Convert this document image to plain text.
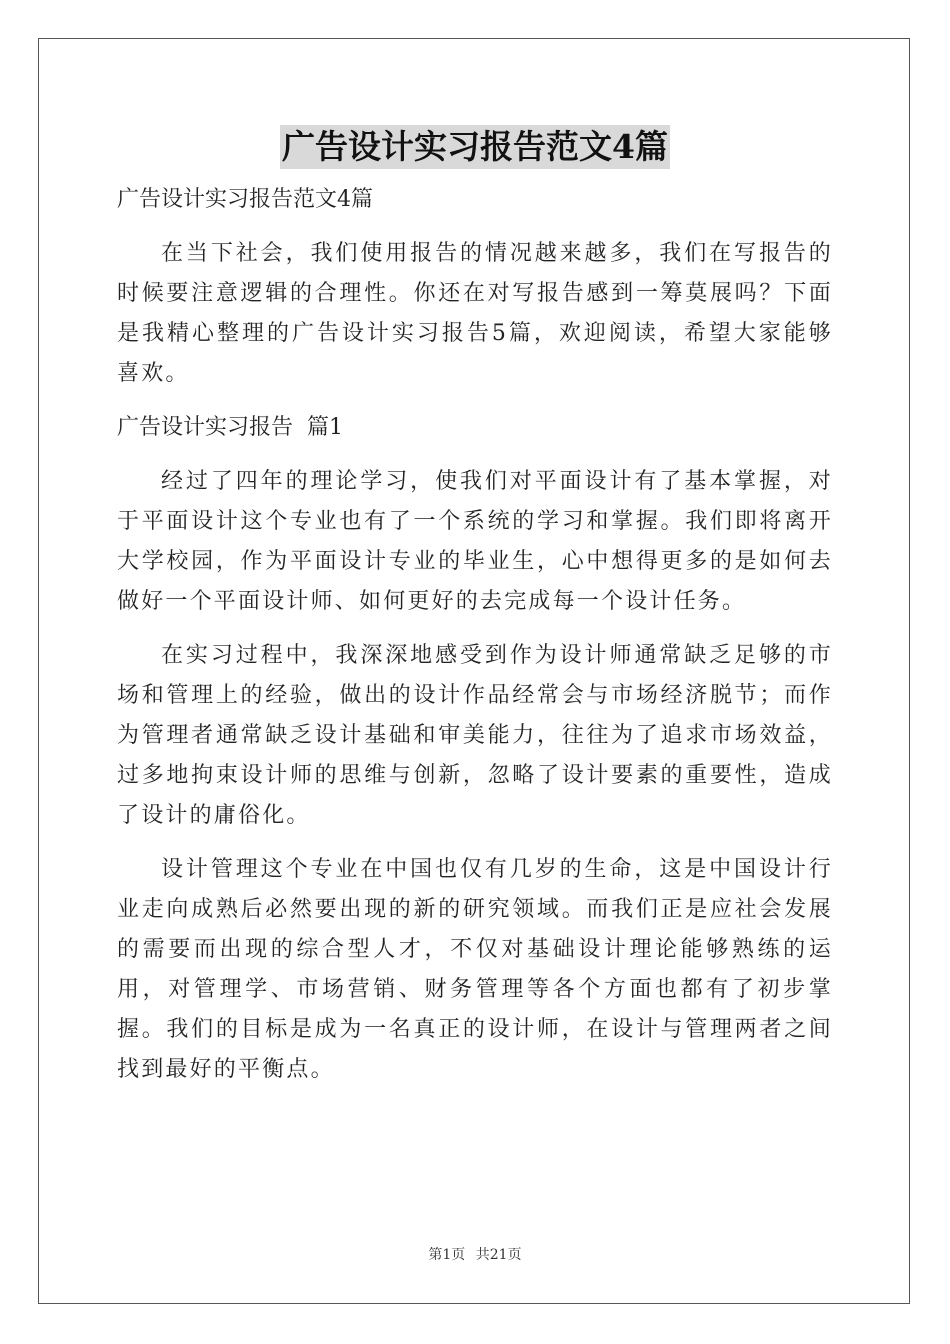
广告设计实习报告范文4篇

广告设计实习报告范文4篇

在当下社会，我们使用报告的情况越来越多，我们在写报告的时候要注意逻辑的合理性。你还在对写报告感到一筹莫展吗？下面是我精心整理的广告设计实习报告5篇，欢迎阅读，希望大家能够喜欢。

广告设计实习报告  篇1

经过了四年的理论学习，使我们对平面设计有了基本掌握，对于平面设计这个专业也有了一个系统的学习和掌握。我们即将离开大学校园，作为平面设计专业的毕业生，心中想得更多的是如何去做好一个平面设计师、如何更好的去完成每一个设计任务。

在实习过程中，我深深地感受到作为设计师通常缺乏足够的市场和管理上的经验，做出的设计作品经常会与市场经济脱节；而作为管理者通常缺乏设计基础和审美能力，往往为了追求市场效益，过多地拘束设计师的思维与创新，忽略了设计要素的重要性，造成了设计的庸俗化。

设计管理这个专业在中国也仅有几岁的生命，这是中国设计行业走向成熟后必然要出现的新的研究领域。而我们正是应社会发展的需要而出现的综合型人才，不仅对基础设计理论能够熟练的运用，对管理学、市场营销、财务管理等各个方面也都有了初步掌握。我们的目标是成为一名真正的设计师，在设计与管理两者之间找到最好的平衡点。

第1页 共21页
